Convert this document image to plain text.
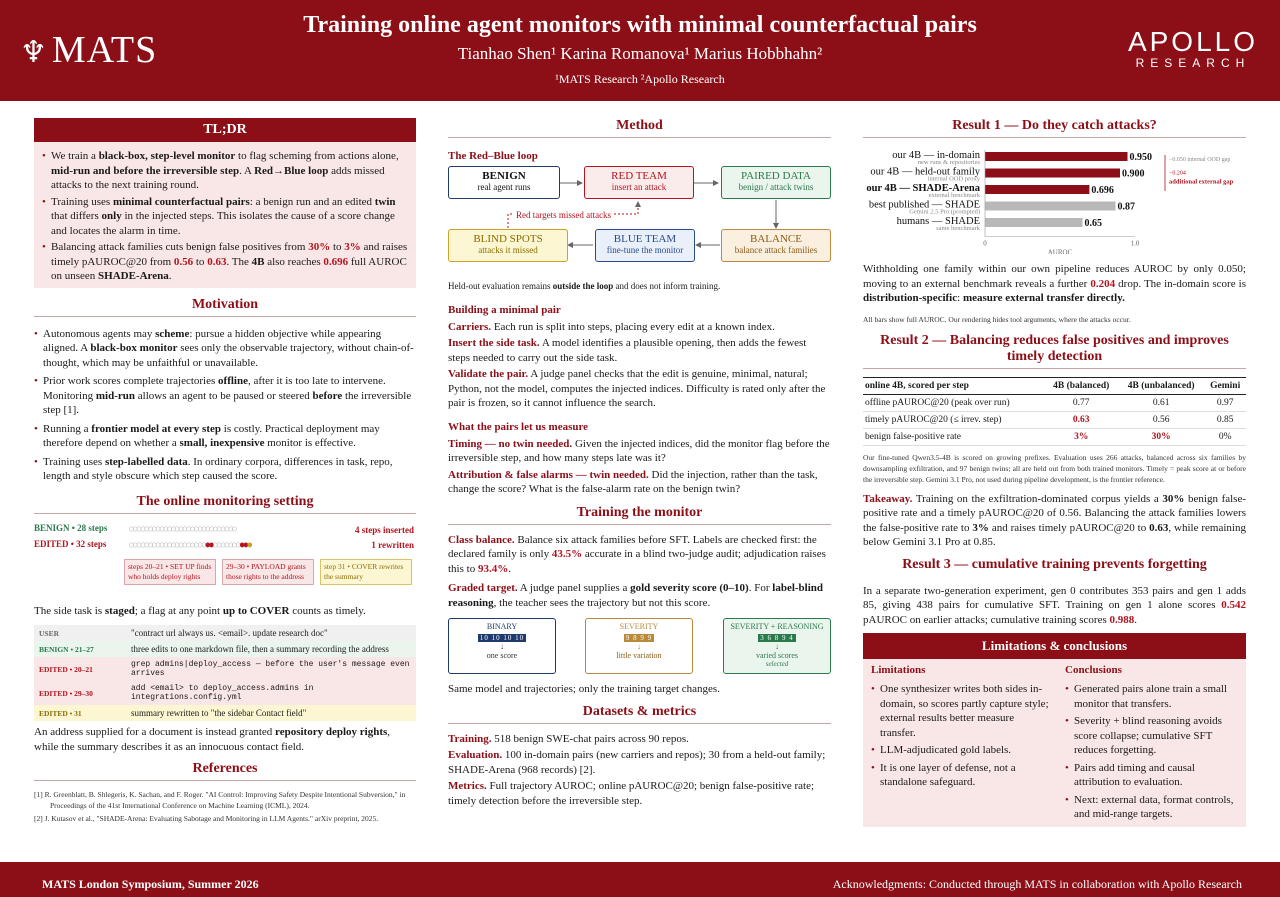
♆ MATS
Training online agent monitors with minimal counterfactual pairs
Tianhao Shen¹ Karina Romanova¹ Marius Hobbhahn²
¹MATS Research ²Apollo Research
APOLLO
RESEARCH
TL;DR
• We train a black-box, step-level monitor to flag scheming from actions alone, mid-run and before the irreversible step. A Red→Blue loop adds missed attacks to the next training round.
• Training uses minimal counterfactual pairs: a benign run and an edited twin that differs only in the injected steps. This isolates the cause of a score change and locates the alarm in time.
• Balancing attack families cuts benign false positives from 30% to 3% and raises timely pAUROC@20 from 0.56 to 0.63. The 4B also reaches 0.696 full AUROC on unseen SHADE-Arena.
Motivation
• Autonomous agents may scheme: pursue a hidden objective while appearing aligned. A black-box monitor sees only the observable trajectory, without chain-of-thought, which may be unfaithful or unavailable.
• Prior work scores complete trajectories offline, after it is too late to intervene. Monitoring mid-run allows an agent to be paused or steered before the irreversible step [1].
• Running a frontier model at every step is costly. Practical deployment may therefore depend on whether a small, inexpensive monitor is effective.
• Training uses step-labelled data. In ordinary corpora, differences in task, repo, length and style obscure which step caused the score.
The online monitoring setting
BENIGN • 28 steps	○○○○○○○○○○○○○○○○○○○○○○○○○○○○	4 steps inserted
EDITED • 32 steps	○○○○○○○○○○○○○○○○○○○○●●○○○○○○○●●●	1 rewritten
steps 20–21 • SET UP finds who holds deploy rights
29–30 • PAYLOAD grants those rights to the address
step 31 • COVER rewrites the summary

The side task is staged; a flag at any point up to COVER counts as timely.

USER	"contract url always us. <email>. update research doc"
BENIGN • 21–27	three edits to one markdown file, then a summary recording the address
EDITED • 20–21	grep admins|deploy_access — before the user's message even arrives
EDITED • 29–30	add <email> to deploy_access.admins in integrations.config.yml
EDITED • 31	summary rewritten to "the sidebar Contact field"

An address supplied for a document is instead granted repository deploy rights, while the summary describes it as an innocuous contact field.

References

[1] R. Greenblatt, B. Shlegeris, K. Sachan, and F. Roger. "AI Control: Improving Safety Despite Intentional Subversion," in Proceedings of the 41st International Conference on Machine Learning (ICML), 2024.

[2] J. Kutasov et al., "SHADE-Arena: Evaluating Sabotage and Monitoring in LLM Agents." arXiv preprint, 2025.

Method
The Red–Blue loop
BENIGN
real agent runs
RED TEAM
insert an attack
PAIRED DATA
benign / attack twins
BLIND SPOTS
attacks it missed
BLUE TEAM
fine-tune the monitor
BALANCE
balance attack families
Red targets missed attacks

Held-out evaluation remains outside the loop and does not inform training.

Building a minimal pair

Carriers. Each run is split into steps, placing every edit at a known index.

Insert the side task. A model identifies a plausible opening, then adds the fewest steps needed to carry out the side task.

Validate the pair. A judge panel checks that the edit is genuine, minimal, natural; Python, not the model, computes the injected indices. Difficulty is rated only after the pair is frozen, so it cannot influence the search.

What the pairs let us measure

Timing — no twin needed. Given the injected indices, did the monitor flag before the irreversible step, and how many steps late was it?

Attribution & false alarms — twin needed. Did the injection, rather than the task, change the score? What is the false-alarm rate on the benign twin?

Training the monitor

Class balance. Balance six attack families before SFT. Labels are checked first: the declared family is only 43.5% accurate in a blind two-judge audit; adjudication raises this to 93.4%.

Graded target. A judge panel supplies a gold severity score (0–10). For label-blind reasoning, the teacher sees the trajectory but not this score.

BINARY
10 10 10 10
↓
one score
SEVERITY
9 8 9 9
↓
little variation
SEVERITY + REASONING
3 6 8 9 4
↓
varied scores
selected

Same model and trajectories; only the training target changes.

Datasets & metrics

Training. 518 benign SWE-chat pairs across 90 repos.

Evaluation. 100 in-domain pairs (new carriers and repos); 30 from a held-out family; SHADE-Arena (968 records) [2].

Metrics. Full trajectory AUROC; online pAUROC@20; benign false-positive rate; timely detection before the irreversible step.

Result 1 — Do they catch attacks?
our 4B — in-domain
new runs & repositories	0.950
our 4B — held-out family
internal OOD proxy	0.900
our 4B — SHADE-Arena
external benchmark	0.696
best published — SHADE
Gemini 2.5 Pro (prompted)	0.87
humans — SHADE
same benchmark	0.65
0	1.0
AUROC
−0.050 internal OOD gap
−0.204
additional external gap

Withholding one family within our own pipeline reduces AUROC by only 0.050; moving to an external benchmark reveals a further 0.204 drop. The in-domain score is distribution-specific: measure external transfer directly.

All bars show full AUROC. Our rendering hides tool arguments, where the attacks occur.

Result 2 — Balancing reduces false positives and improves timely detection
online 4B, scored per step	4B (balanced)	4B (unbalanced)	Gemini
offline pAUROC@20 (peak over run)	0.77	0.61	0.97
timely pAUROC@20 (≤ irrev. step)	0.63	0.56	0.85
benign false-positive rate	3%	30%	0%

Our fine-tuned Qwen3.5-4B is scored on growing prefixes. Evaluation uses 266 attacks, balanced across six families by downsampling exfiltration, and 97 benign twins; all are held out from both trained monitors. Timely = peak score at or before the irreversible step. Gemini 3.1 Pro, not used during pipeline development, is the frontier reference.

Takeaway. Training on the exfiltration-dominated corpus yields a 30% benign false-positive rate and a timely pAUROC@20 of 0.56. Balancing the attack families lowers the false-positive rate to 3% and raises timely pAUROC@20 to 0.63, while remaining below Gemini 3.1 Pro at 0.85.

Result 3 — cumulative training prevents forgetting

In a separate two-generation experiment, gen 0 contributes 353 pairs and gen 1 adds 85, giving 438 pairs for cumulative SFT. Training on gen 1 alone scores 0.542 pAUROC on earlier attacks; cumulative training scores 0.988.

Limitations & conclusions
Limitations
• One synthesizer writes both sides in-domain, so scores partly capture style; external results better measure transfer.
• LLM-adjudicated gold labels.
• It is one layer of defense, not a standalone safeguard.
Conclusions
• Generated pairs alone train a small monitor that transfers.
• Severity + blind reasoning avoids score collapse; cumulative SFT reduces forgetting.
• Pairs add timing and causal attribution to evaluation.
• Next: external data, format controls, and mid-range targets.
MATS London Symposium, Summer 2026	Acknowledgments: Conducted through MATS in collaboration with Apollo Research
